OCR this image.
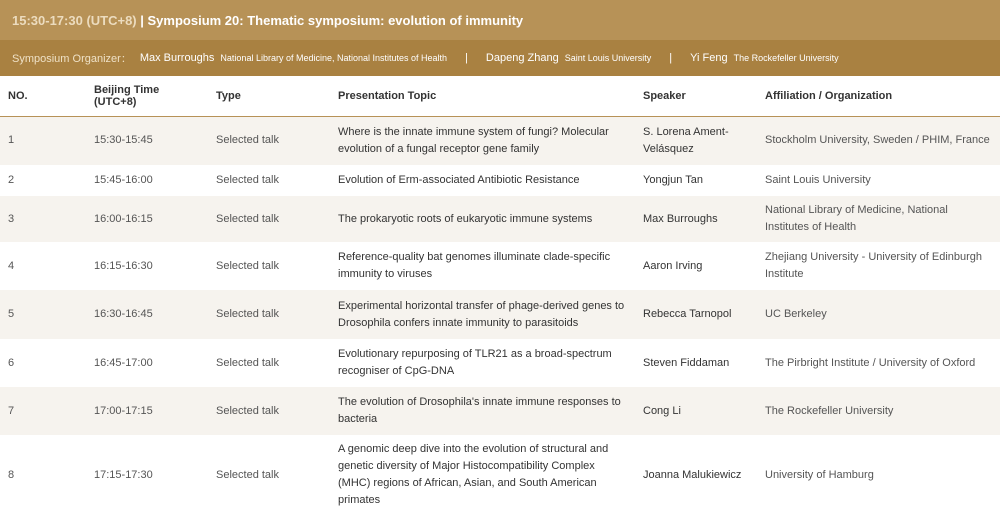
15:30-17:30 (UTC+8) | Symposium 20: Thematic symposium: evolution of immunity
Symposium Organizer： Max Burroughs National Library of Medicine, National Institutes of Health | Dapeng Zhang Saint Louis University | Yi Feng The Rockefeller University
NO.	Beijing Time (UTC+8)	Type	Presentation Topic	Speaker	Affiliation / Organization
1	15:30-15:45	Selected talk	Where is the innate immune system of fungi? Molecular evolution of a fungal receptor gene family	S. Lorena Ament-Velásquez	Stockholm University, Sweden / PHIM, France
2	15:45-16:00	Selected talk	Evolution of Erm-associated Antibiotic Resistance	Yongjun Tan	Saint Louis University
3	16:00-16:15	Selected talk	The prokaryotic roots of eukaryotic immune systems	Max Burroughs	National Library of Medicine, National Institutes of Health
4	16:15-16:30	Selected talk	Reference-quality bat genomes illuminate clade-specific immunity to viruses	Aaron Irving	Zhejiang University - University of Edinburgh Institute
5	16:30-16:45	Selected talk	Experimental horizontal transfer of phage-derived genes to Drosophila confers innate immunity to parasitoids	Rebecca Tarnopol	UC Berkeley
6	16:45-17:00	Selected talk	Evolutionary repurposing of TLR21 as a broad-spectrum recogniser of CpG-DNA	Steven Fiddaman	The Pirbright Institute / University of Oxford
7	17:00-17:15	Selected talk	The evolution of Drosophila's innate immune responses to bacteria	Cong Li	The Rockefeller University
8	17:15-17:30	Selected talk	A genomic deep dive into the evolution of structural and genetic diversity of Major Histocompatibility Complex (MHC) regions of African, Asian, and South American primates	Joanna Malukiewicz	University of Hamburg
